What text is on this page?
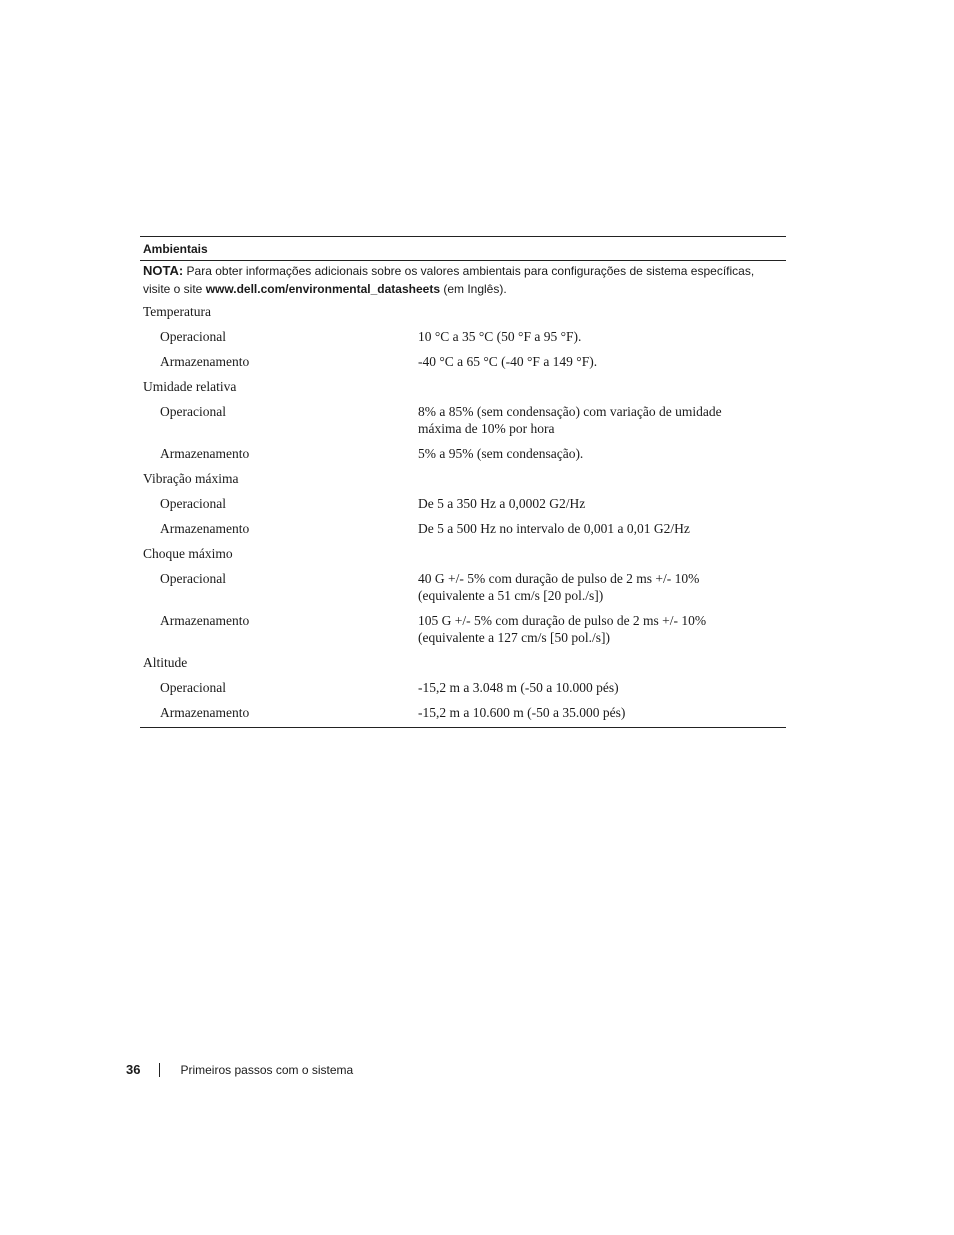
Ambientais
NOTA: Para obter informações adicionais sobre os valores ambientais para configurações de sistema específicas, visite o site www.dell.com/environmental_datasheets (em Inglês).
Temperatura
Operacional	10 °C a 35 °C (50 °F a 95 °F).
Armazenamento	-40 °C a 65 °C (-40 °F a 149 °F).
Umidade relativa
Operacional	8% a 85% (sem condensação) com variação de umidade máxima de 10% por hora
Armazenamento	5% a 95% (sem condensação).
Vibração máxima
Operacional	De 5 a 350 Hz a 0,0002 G2/Hz
Armazenamento	De 5 a 500 Hz no intervalo de 0,001 a 0,01 G2/Hz
Choque máximo
Operacional	40 G +/- 5% com duração de pulso de 2 ms +/- 10% (equivalente a 51 cm/s [20 pol./s])
Armazenamento	105 G +/- 5% com duração de pulso de 2 ms +/- 10% (equivalente a 127 cm/s [50 pol./s])
Altitude
Operacional	-15,2 m a 3.048 m (-50 a 10.000 pés)
Armazenamento	-15,2 m a 10.600 m (-50 a 35.000 pés)
36	Primeiros passos com o sistema
